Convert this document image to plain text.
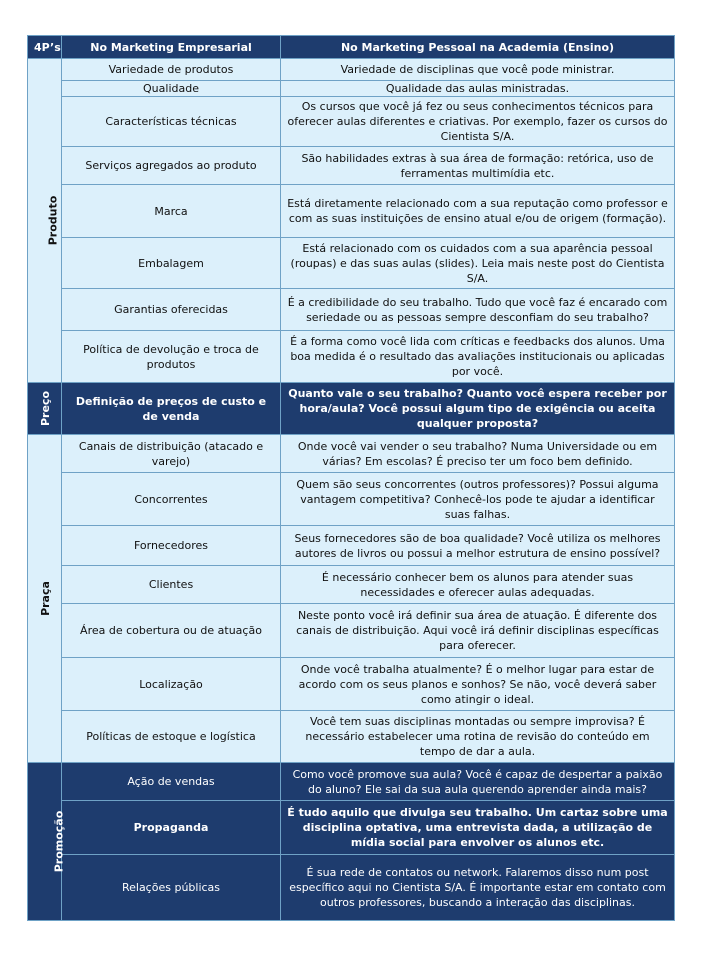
4P’s	No Marketing Empresarial	No Marketing Pessoal na Academia (Ensino)
Produto	Variedade de produtos	Variedade de disciplinas que você pode ministrar.
	Qualidade	Qualidade das aulas ministradas.
	Características técnicas	Os cursos que você já fez ou seus conhecimentos técnicos para oferecer aulas diferentes e criativas. Por exemplo, fazer os cursos do Cientista S/A.
	Serviços agregados ao produto	São habilidades extras à sua área de formação: retórica, uso de ferramentas multimídia etc.
	Marca	Está diretamente relacionado com a sua reputação como professor e com as suas instituições de ensino atual e/ou de origem (formação).
	Embalagem	Está relacionado com os cuidados com a sua aparência pessoal (roupas) e das suas aulas (slides). Leia mais neste post do Cientista S/A.
	Garantias oferecidas	É a credibilidade do seu trabalho. Tudo que você faz é encarado com seriedade ou as pessoas sempre desconfiam do seu trabalho?
	Política de devolução e troca de produtos	É a forma como você lida com críticas e feedbacks dos alunos. Uma boa medida é o resultado das avaliações institucionais ou aplicadas por você.
Preço	Definição de preços de custo e de venda	Quanto vale o seu trabalho? Quanto você espera receber por hora/aula? Você possui algum tipo de exigência ou aceita qualquer proposta?
Praça	Canais de distribuição (atacado e varejo)	Onde você vai vender o seu trabalho? Numa Universidade ou em várias? Em escolas? É preciso ter um foco bem definido.
	Concorrentes	Quem são seus concorrentes (outros professores)? Possui alguma vantagem competitiva? Conhecê-los pode te ajudar a identificar suas falhas.
	Fornecedores	Seus fornecedores são de boa qualidade? Você utiliza os melhores autores de livros ou possui a melhor estrutura de ensino possível?
	Clientes	É necessário conhecer bem os alunos para atender suas necessidades e oferecer aulas adequadas.
	Área de cobertura ou de atuação	Neste ponto você irá definir sua área de atuação. É diferente dos canais de distribuição. Aqui você irá definir disciplinas específicas para oferecer.
	Localização	Onde você trabalha atualmente? É o melhor lugar para estar de acordo com os seus planos e sonhos? Se não, você deverá saber como atingir o ideal.
	Políticas de estoque e logística	Você tem suas disciplinas montadas ou sempre improvisa? É necessário estabelecer uma rotina de revisão do conteúdo em tempo de dar a aula.
Promoção	Ação de vendas	Como você promove sua aula? Você é capaz de despertar a paixão do aluno? Ele sai da sua aula querendo aprender ainda mais?
	Propaganda	É tudo aquilo que divulga seu trabalho. Um cartaz sobre uma disciplina optativa, uma entrevista dada, a utilização de mídia social para envolver os alunos etc.
	Relações públicas	É sua rede de contatos ou network. Falaremos disso num post específico aqui no Cientista S/A. É importante estar em contato com outros professores, buscando a interação das disciplinas.
